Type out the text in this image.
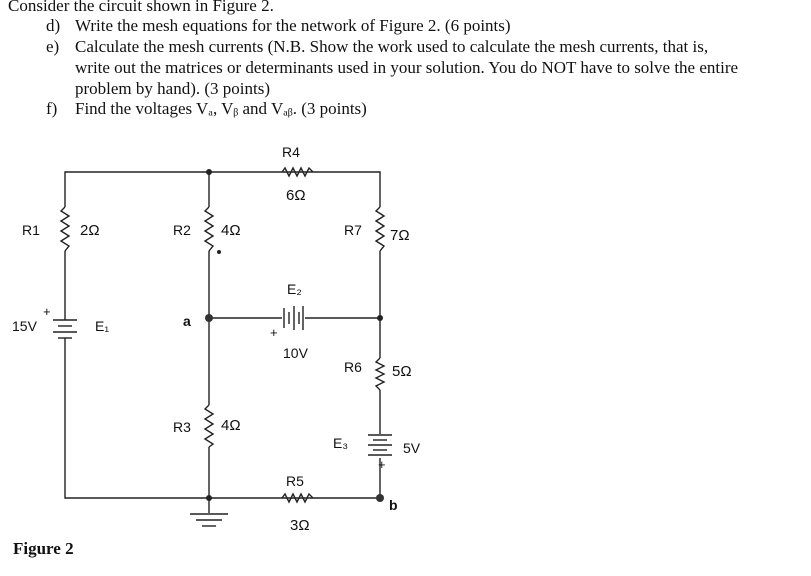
Consider the circuit shown in Figure 2.
d) Write the mesh equations for the network of Figure 2. (6 points)
e) Calculate the mesh currents (N.B. Show the work used to calculate the mesh currents, that is,
write out the matrices or determinants used in your solution. You do NOT have to solve the entire
problem by hand). (3 points)
f) Find the voltages Vₐ, Vᵦ and Vₐᵦ. (3 points)
R4
6Ω
R1	2Ω	R2 4Ω	R7 7Ω
E₂
+
10V
a
+
15V	E₁
R6 5Ω
R3 4Ω
E₃
+
5V
R5
3Ω
b
Figure 2
